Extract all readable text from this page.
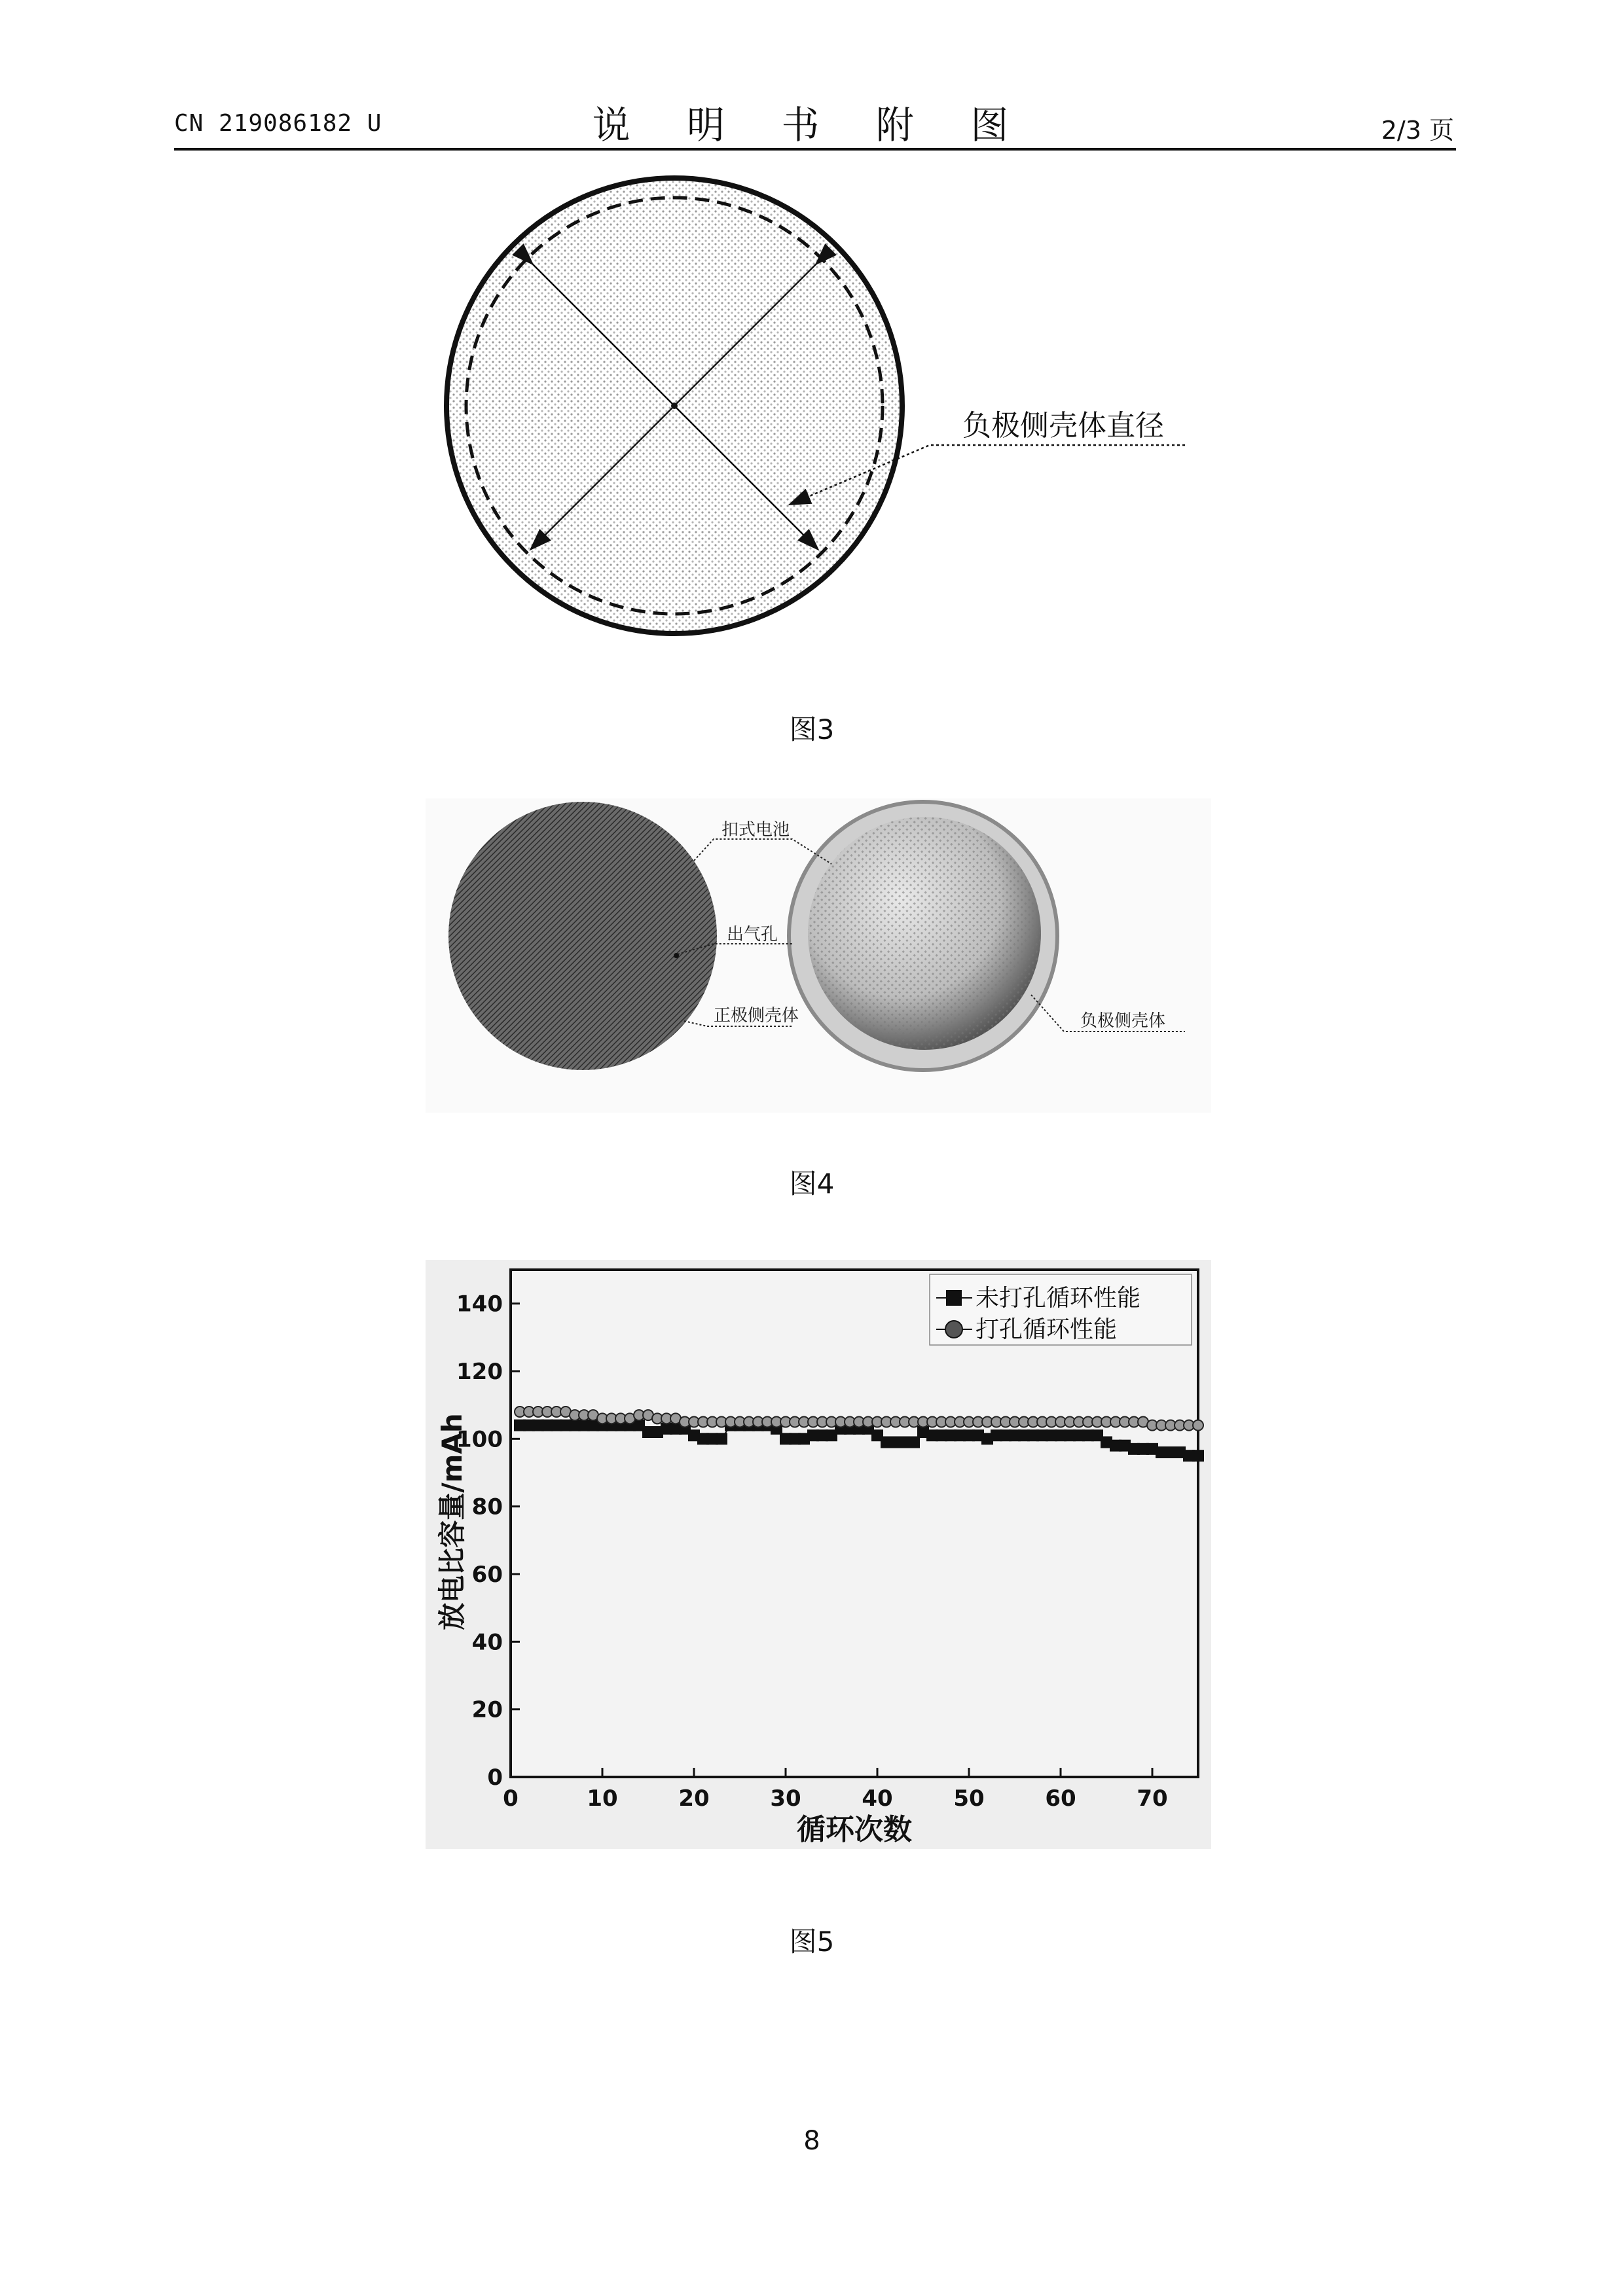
CN 219086182 U	说 明 书 附 图	2/3 页
负极侧壳体直径
图3
扣式电池
出气孔
正极侧壳体	负极侧壳体
图4
0
20
40
60
80
100
120
140
0	10	20	30	40	50	60	70
放电比容量/mAh
循环次数
未打孔循环性能
打孔循环性能
图5
8
